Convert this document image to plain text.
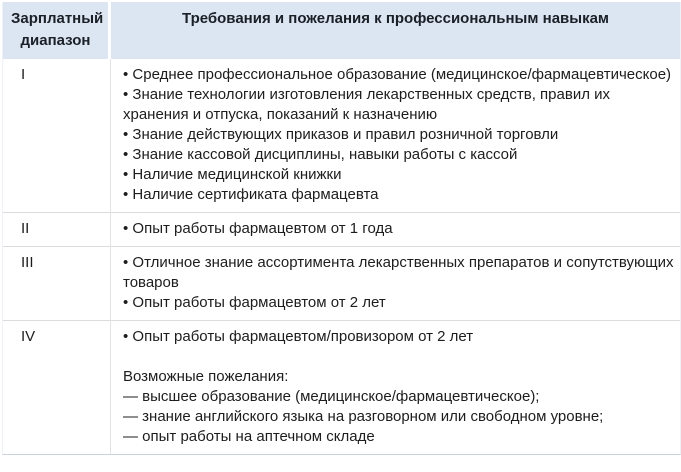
Зарплатный диапазон	Требования и пожелания к профессиональным навыкам
I	• Среднее профессиональное образование (медицинское/фармацевтическое)
• Знание технологии изготовления лекарственных средств, правил их хранения и отпуска, показаний к назначению
• Знание действующих приказов и правил розничной торговли
• Знание кассовой дисциплины, навыки работы с кассой
• Наличие медицинской книжки
• Наличие сертификата фармацевта

II	• Опыт работы фармацевтом от 1 года

III	• Отличное знание ассортимента лекарственных препаратов и сопутствующих товаров
• Опыт работы фармацевтом от 2 лет

IV	• Опыт работы фармацевтом/провизором от 2 лет
Возможные пожелания:
— высшее образование (медицинское/фармацевтическое);
— знание английского языка на разговорном или свободном уровне;
— опыт работы на аптечном складе
